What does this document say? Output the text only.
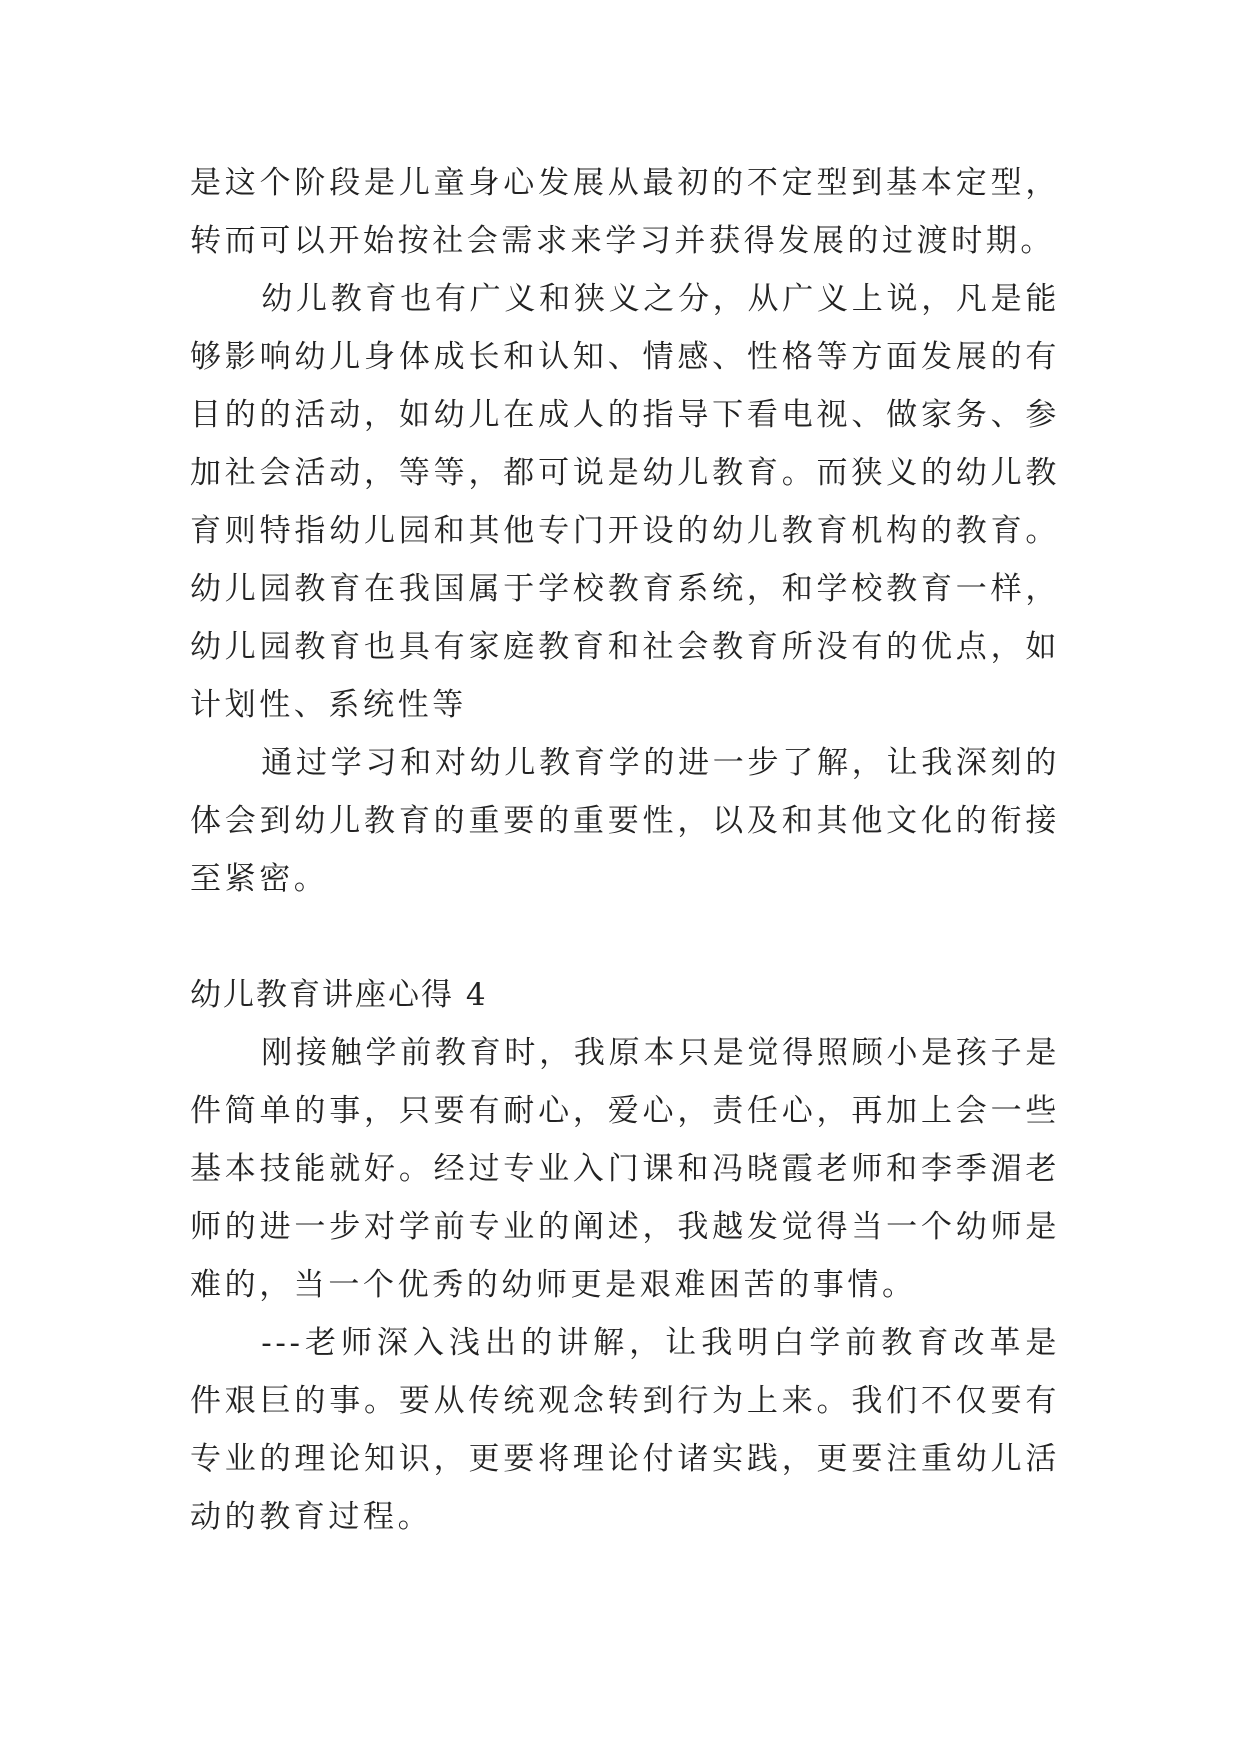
是这个阶段是儿童身心发展从最初的不定型到基本定型，转而可以开始按社会需求来学习并获得发展的过渡时期。

幼儿教育也有广义和狭义之分，从广义上说，凡是能够影响幼儿身体成长和认知、情感、性格等方面发展的有目的的活动，如幼儿在成人的指导下看电视、做家务、参加社会活动，等等，都可说是幼儿教育。而狭义的幼儿教育则特指幼儿园和其他专门开设的幼儿教育机构的教育。幼儿园教育在我国属于学校教育系统，和学校教育一样，幼儿园教育也具有家庭教育和社会教育所没有的优点，如计划性、系统性等

通过学习和对幼儿教育学的进一步了解，让我深刻的体会到幼儿教育的重要的重要性，以及和其他文化的衔接至紧密。

幼儿教育讲座心得 4

刚接触学前教育时，我原本只是觉得照顾小是孩子是件简单的事，只要有耐心，爱心，责任心，再加上会一些基本技能就好。经过专业入门课和冯晓霞老师和李季湄老师的进一步对学前专业的阐述，我越发觉得当一个幼师是难的，当一个优秀的幼师更是艰难困苦的事情。

---老师深入浅出的讲解，让我明白学前教育改革是件艰巨的事。要从传统观念转到行为上来。我们不仅要有专业的理论知识，更要将理论付诸实践，更要注重幼儿活动的教育过程。
